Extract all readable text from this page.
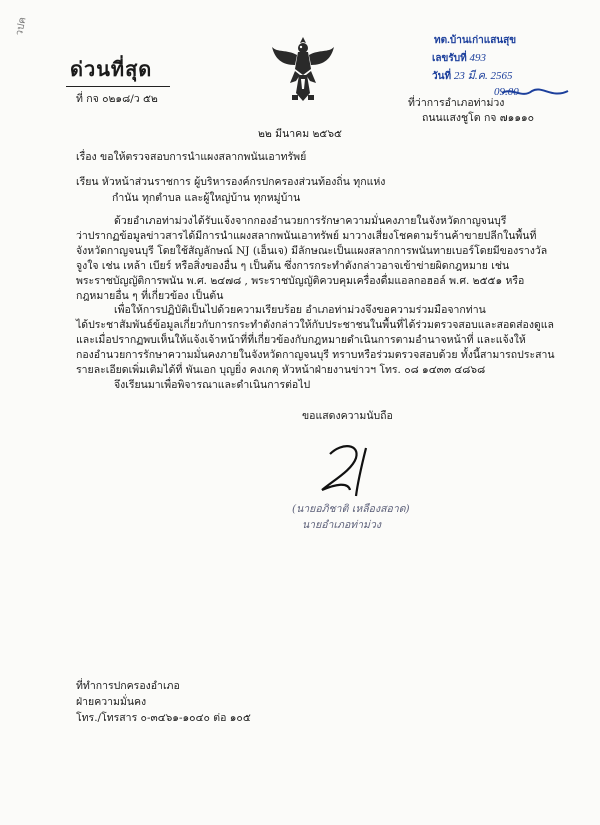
วปค
ด่วนที่สุด
ที่ กจ ๐๒๑๘/ว ๕๒
ทต.บ้านเก่าแสนสุข
เลขรับที่ 493
วันที่ 23 มี.ค. 2565
09.00
ที่ว่าการอำเภอท่าม่วง
ถนนแสงชูโต กจ ๗๑๑๑๐
๒๒ มีนาคม ๒๕๖๕
เรื่อง ขอให้ตรวจสอบการนำแผงสลากพนันเอาทรัพย์
เรียน หัวหน้าส่วนราชการ ผู้บริหารองค์กรปกครองส่วนท้องถิ่น ทุกแห่ง
กำนัน ทุกตำบล และผู้ใหญ่บ้าน ทุกหมู่บ้าน

ด้วยอำเภอท่าม่วงได้รับแจ้งจากกองอำนวยการรักษาความมั่นคงภายในจังหวัดกาญจนบุรี

ว่าปรากฏข้อมูลข่าวสารได้มีการนำแผงสลากพนันเอาทรัพย์ มาวางเสี่ยงโชคตามร้านค้าขายปลีกในพื้นที่

จังหวัดกาญจนบุรี โดยใช้สัญลักษณ์ NJ (เอ็นเจ) มีลักษณะเป็นแผงสลากการพนันทายเบอร์โดยมีของรางวัล

จูงใจ เช่น เหล้า เบียร์ หรือสิ่งของอื่น ๆ เป็นต้น ซึ่งการกระทำดังกล่าวอาจเข้าข่ายผิดกฎหมาย เช่น

พระราชบัญญัติการพนัน พ.ศ. ๒๔๗๘ , พระราชบัญญัติควบคุมเครื่องดื่มแอลกอฮอล์ พ.ศ. ๒๕๕๑ หรือ

กฎหมายอื่น ๆ ที่เกี่ยวข้อง เป็นต้น

เพื่อให้การปฏิบัติเป็นไปด้วยความเรียบร้อย อำเภอท่าม่วงจึงขอความร่วมมือจากท่าน

ได้ประชาสัมพันธ์ข้อมูลเกี่ยวกับการกระทำดังกล่าวให้กับประชาชนในพื้นที่ได้ร่วมตรวจสอบและสอดส่องดูแล

และเมื่อปรากฏพบเห็นให้แจ้งเจ้าหน้าที่ที่เกี่ยวข้องกับกฎหมายดำเนินการตามอำนาจหน้าที่ และแจ้งให้

กองอำนวยการรักษาความมั่นคงภายในจังหวัดกาญจนบุรี ทราบหรือร่วมตรวจสอบด้วย ทั้งนี้สามารถประสาน

รายละเอียดเพิ่มเติมได้ที่ พันเอก บุญยิ่ง คงเกตุ หัวหน้าฝ่ายงานข่าวฯ โทร. ๐๘ ๑๔๓๓ ๔๘๖๘

จึงเรียนมาเพื่อพิจารณาและดำเนินการต่อไป

ขอแสดงความนับถือ
(นายอภิชาติ เหลืองสอาด)
นายอำเภอท่าม่วง
ที่ทำการปกครองอำเภอ
ฝ่ายความมั่นคง
โทร./โทรสาร ๐-๓๔๖๑-๑๐๔๐ ต่อ ๑๐๕
